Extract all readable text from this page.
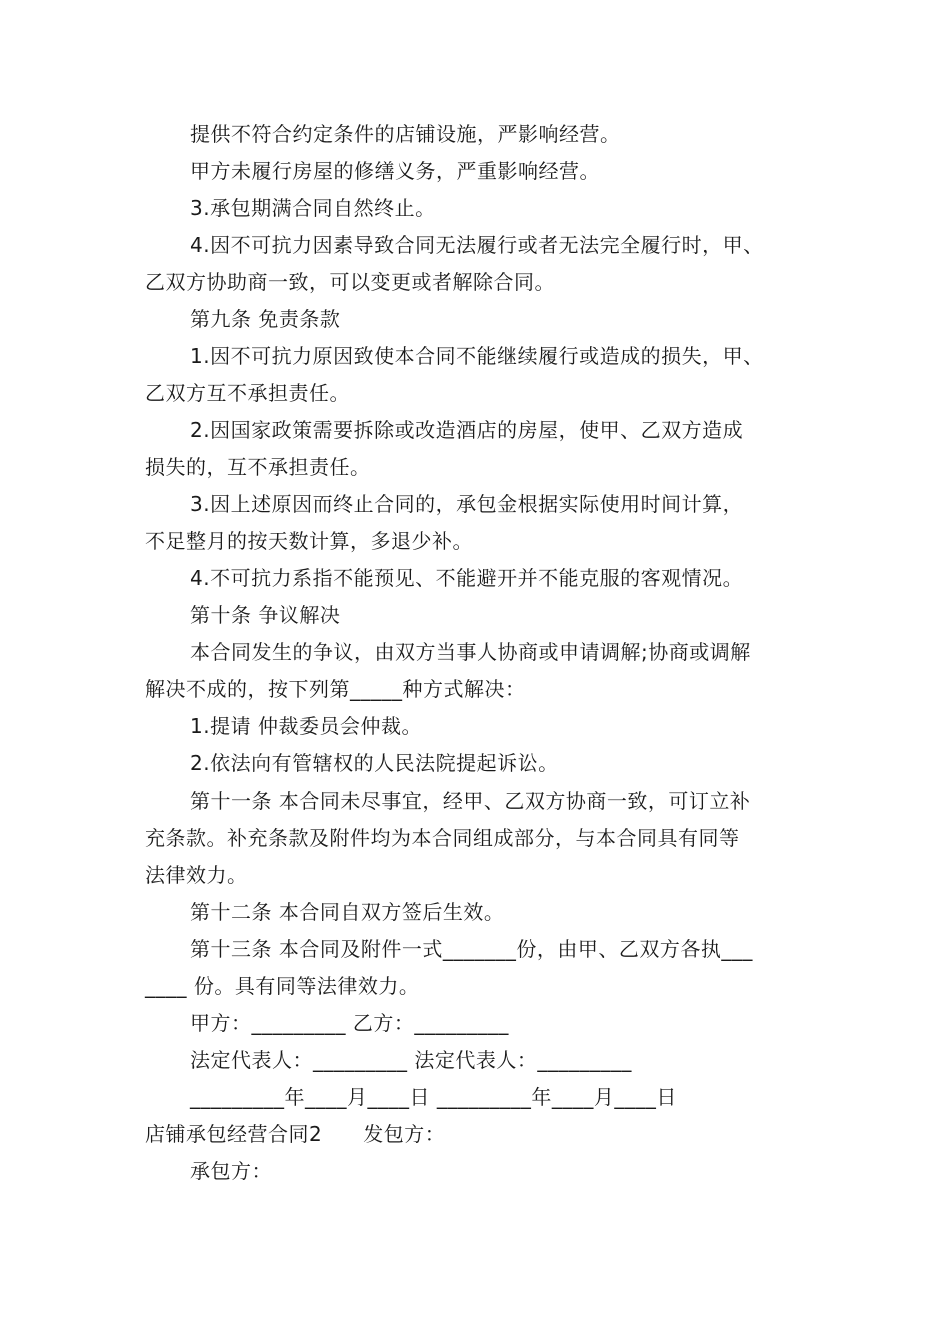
提供不符合约定条件的店铺设施，严影响经营。
甲方未履行房屋的修缮义务，严重影响经营。
3.承包期满合同自然终止。
4.因不可抗力因素导致合同无法履行或者无法完全履行时，甲、
乙双方协助商一致，可以变更或者解除合同。
第九条 免责条款
1.因不可抗力原因致使本合同不能继续履行或造成的损失，甲、
乙双方互不承担责任。
2.因国家政策需要拆除或改造酒店的房屋，使甲、乙双方造成
损失的，互不承担责任。
3.因上述原因而终止合同的，承包金根据实际使用时间计算，
不足整月的按天数计算，多退少补。
4.不可抗力系指不能预见、不能避开并不能克服的客观情况。
第十条 争议解决
本合同发生的争议，由双方当事人协商或申请调解;协商或调解
解决不成的，按下列第_____种方式解决：
1.提请 仲裁委员会仲裁。
2.依法向有管辖权的人民法院提起诉讼。
第十一条 本合同未尽事宜，经甲、乙双方协商一致，可订立补
充条款。补充条款及附件均为本合同组成部分，与本合同具有同等
法律效力。
第十二条 本合同自双方签后生效。
第十三条 本合同及附件一式_______份，由甲、乙双方各执___
____ 份。具有同等法律效力。
甲方：_________ 乙方：_________
法定代表人：_________ 法定代表人：_________
_________年____月____日 _________年____月____日
店铺承包经营合同2　　发包方：
承包方：
